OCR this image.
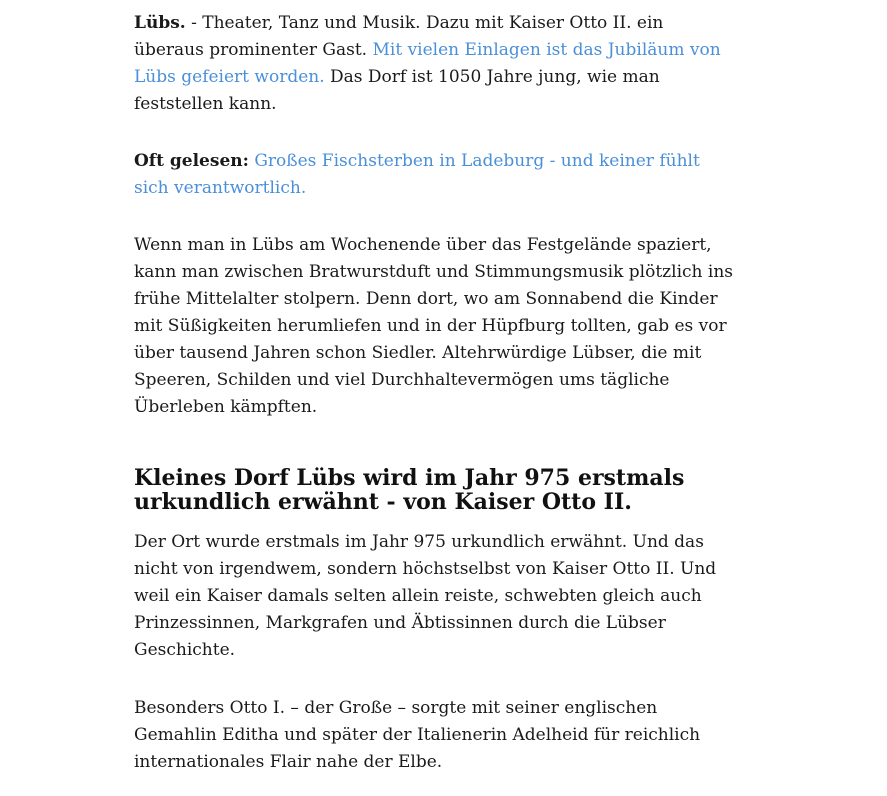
Lübs. - Theater, Tanz und Musik. Dazu mit Kaiser Otto II. ein überaus prominenter Gast. Mit vielen Einlagen ist das Jubiläum von Lübs gefeiert worden. Das Dorf ist 1050 Jahre jung, wie man feststellen kann.

Oft gelesen: Großes Fischsterben in Ladeburg - und keiner fühlt sich verantwortlich.

Wenn man in Lübs am Wochenende über das Festgelände spaziert, kann man zwischen Bratwurstduft und Stimmungsmusik plötzlich ins frühe Mittelalter stolpern. Denn dort, wo am Sonnabend die Kinder mit Süßigkeiten herumliefen und in der Hüpfburg tollten, gab es vor über tausend Jahren schon Siedler. Altehrwürdige Lübser, die mit Speeren, Schilden und viel Durchhaltevermögen ums tägliche Überleben kämpften.

Kleines Dorf Lübs wird im Jahr 975 erstmals urkundlich erwähnt - von Kaiser Otto II.

Der Ort wurde erstmals im Jahr 975 urkundlich erwähnt. Und das nicht von irgendwem, sondern höchstselbst von Kaiser Otto II. Und weil ein Kaiser damals selten allein reiste, schwebten gleich auch Prinzessinnen, Markgrafen und Äbtissinnen durch die Lübser Geschichte.

Besonders Otto I. – der Große – sorgte mit seiner englischen Gemahlin Editha und später der Italienerin Adelheid für reichlich internationales Flair nahe der Elbe.
